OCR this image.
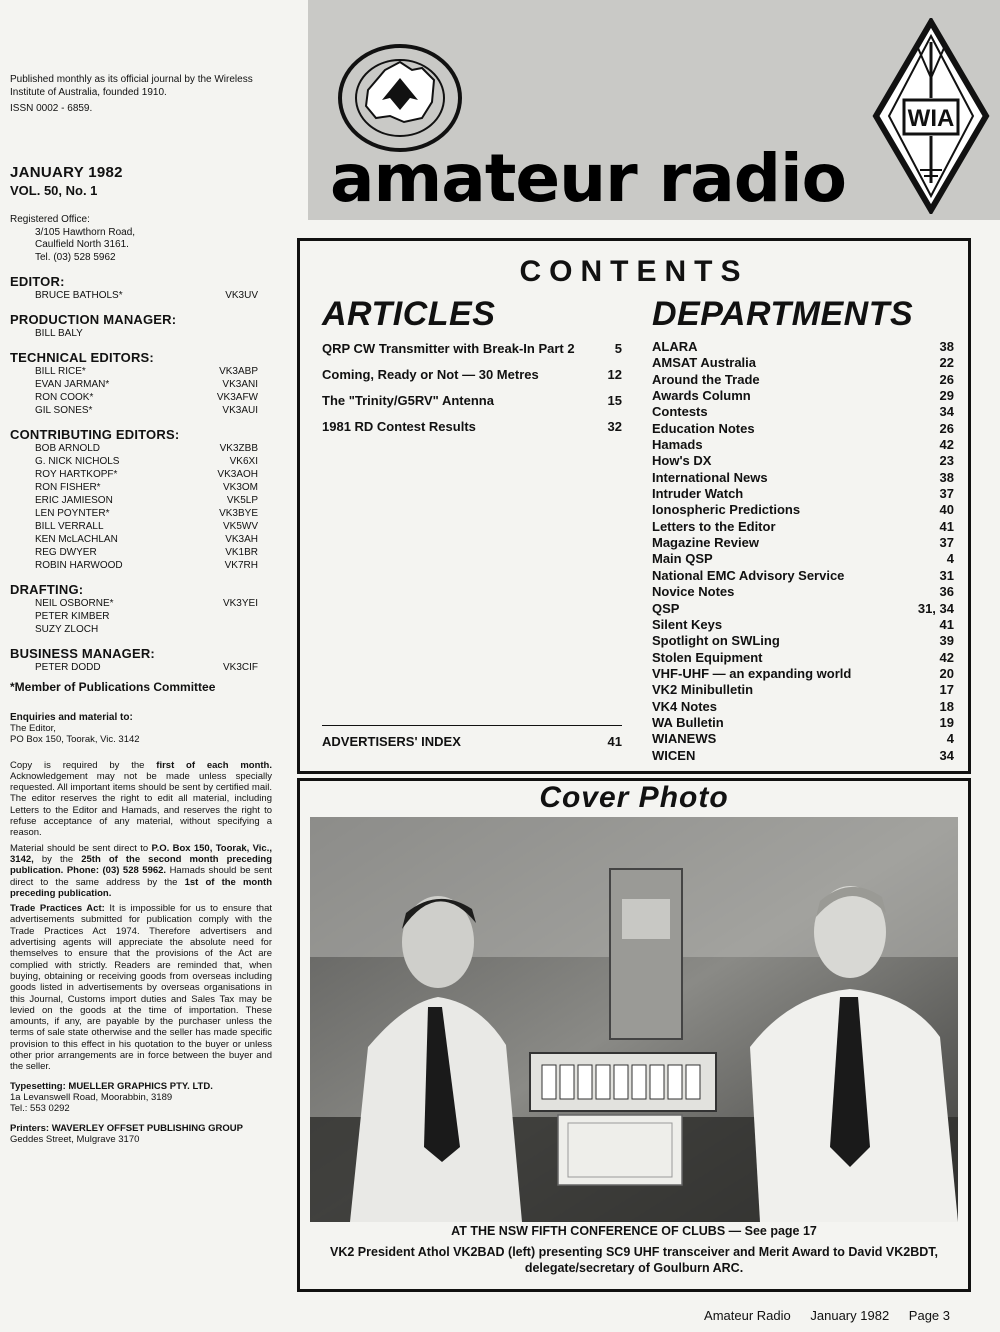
Published monthly as its official journal by the Wireless Institute of Australia, founded 1910.
ISSN 0002 - 6859.
JANUARY 1982
VOL. 50, No. 1
Registered Office:
3/105 Hawthorn Road,
Caulfield North 3161.
Tel. (03) 528 5962
EDITOR:
BRUCE BATHOLS*	VK3UV
PRODUCTION MANAGER:
BILL BALY
TECHNICAL EDITORS:
BILL RICE*	VK3ABP
EVAN JARMAN*	VK3ANI
RON COOK*	VK3AFW
GIL SONES*	VK3AUI
CONTRIBUTING EDITORS:
BOB ARNOLD	VK3ZBB
G. NICK NICHOLS	VK6XI
ROY HARTKOPF*	VK3AOH
RON FISHER*	VK3OM
ERIC JAMIESON	VK5LP
LEN POYNTER*	VK3BYE
BILL VERRALL	VK5WV
KEN McLACHLAN	VK3AH
REG DWYER	VK1BR
ROBIN HARWOOD	VK7RH
DRAFTING:
NEIL OSBORNE*	VK3YEI
PETER KIMBER
SUZY ZLOCH
BUSINESS MANAGER:
PETER DODD	VK3CIF
*Member of Publications Committee
Enquiries and material to:
The Editor,
PO Box 150, Toorak, Vic. 3142

Copy is required by the first of each month. Acknowledgement may not be made unless specially requested. All important items should be sent by certified mail. The editor reserves the right to edit all material, including Letters to the Editor and Hamads, and reserves the right to refuse acceptance of any material, without specifying a reason.

Material should be sent direct to P.O. Box 150, Toorak, Vic., 3142, by the 25th of the second month preceding publication. Phone: (03) 528 5962. Hamads should be sent direct to the same address by the 1st of the month preceding publication.

Trade Practices Act: It is impossible for us to ensure that advertisements submitted for publication comply with the Trade Practices Act 1974. Therefore advertisers and advertising agents will appreciate the absolute need for themselves to ensure that the provisions of the Act are complied with strictly. Readers are reminded that, when buying, obtaining or receiving goods from overseas including goods listed in advertisements by overseas organisations in this Journal, Customs import duties and Sales Tax may be levied on the goods at the time of importation. These amounts, if any, are payable by the purchaser unless the terms of sale state otherwise and the seller has made specific provision to this effect in his quotation to the buyer or unless other prior arrangements are in force between the buyer and the seller.

Typesetting: MUELLER GRAPHICS PTY. LTD.
1a Levanswell Road, Moorabbin, 3189
Tel.: 553 0292
Printers: WAVERLEY OFFSET PUBLISHING GROUP
Geddes Street, Mulgrave 3170
WIA
amateur radio
CONTENTS
ARTICLES	DEPARTMENTS
QRP CW Transmitter with Break-In Part 2	5
Coming, Ready or Not — 30 Metres	12
The "Trinity/G5RV" Antenna	15
1981 RD Contest Results	32
ADVERTISERS' INDEX	41
ALARA	38
AMSAT Australia	22
Around the Trade	26
Awards Column	29
Contests	34
Education Notes	26
Hamads	42
How's DX	23
International News	38
Intruder Watch	37
Ionospheric Predictions	40
Letters to the Editor	41
Magazine Review	37
Main QSP	4
National EMC Advisory Service	31
Novice Notes	36
QSP	31, 34
Silent Keys	41
Spotlight on SWLing	39
Stolen Equipment	42
VHF-UHF — an expanding world	20
VK2 Minibulletin	17
VK4 Notes	18
WA Bulletin	19
WIANEWS	4
WICEN	34
Cover Photo
AT THE NSW FIFTH CONFERENCE OF CLUBS — See page 17
VK2 President Athol VK2BAD (left) presenting SC9 UHF transceiver and Merit Award to David VK2BDT, delegate/secretary of Goulburn ARC.
Amateur Radio January 1982 Page 3
